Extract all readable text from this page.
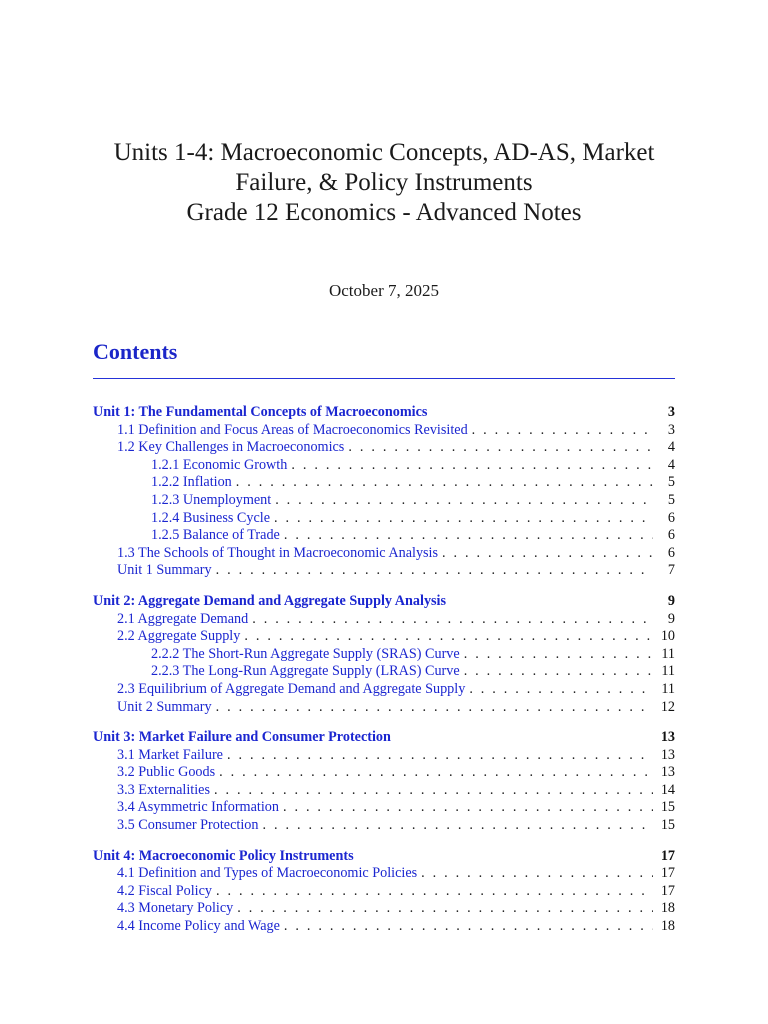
Units 1-4: Macroeconomic Concepts, AD-AS, Market
Failure, & Policy Instruments
Grade 12 Economics - Advanced Notes
October 7, 2025
Contents
Unit 1: The Fundamental Concepts of Macroeconomics	3
1.1 Definition and Focus Areas of Macroeconomics Revisited . . .	3
1.2 Key Challenges in Macroeconomics . . .	4
1.2.1 Economic Growth . . .	4
1.2.2 Inflation . . .	5
1.2.3 Unemployment . . .	5
1.2.4 Business Cycle . . .	6
1.2.5 Balance of Trade . . .	6
1.3 The Schools of Thought in Macroeconomic Analysis . . .	6
Unit 1 Summary . . .	7
Unit 2: Aggregate Demand and Aggregate Supply Analysis	9
2.1 Aggregate Demand . . .	9
2.2 Aggregate Supply . . .	10
2.2.2 The Short-Run Aggregate Supply (SRAS) Curve . . .	11
2.2.3 The Long-Run Aggregate Supply (LRAS) Curve . . .	11
2.3 Equilibrium of Aggregate Demand and Aggregate Supply . . .	11
Unit 2 Summary . . .	12
Unit 3: Market Failure and Consumer Protection	13
3.1 Market Failure . . .	13
3.2 Public Goods . . .	13
3.3 Externalities . . .	14
3.4 Asymmetric Information . . .	15
3.5 Consumer Protection . . .	15
Unit 4: Macroeconomic Policy Instruments	17
4.1 Definition and Types of Macroeconomic Policies . . .	17
4.2 Fiscal Policy . . .	17
4.3 Monetary Policy . . .	18
4.4 Income Policy and Wage . . .	18
